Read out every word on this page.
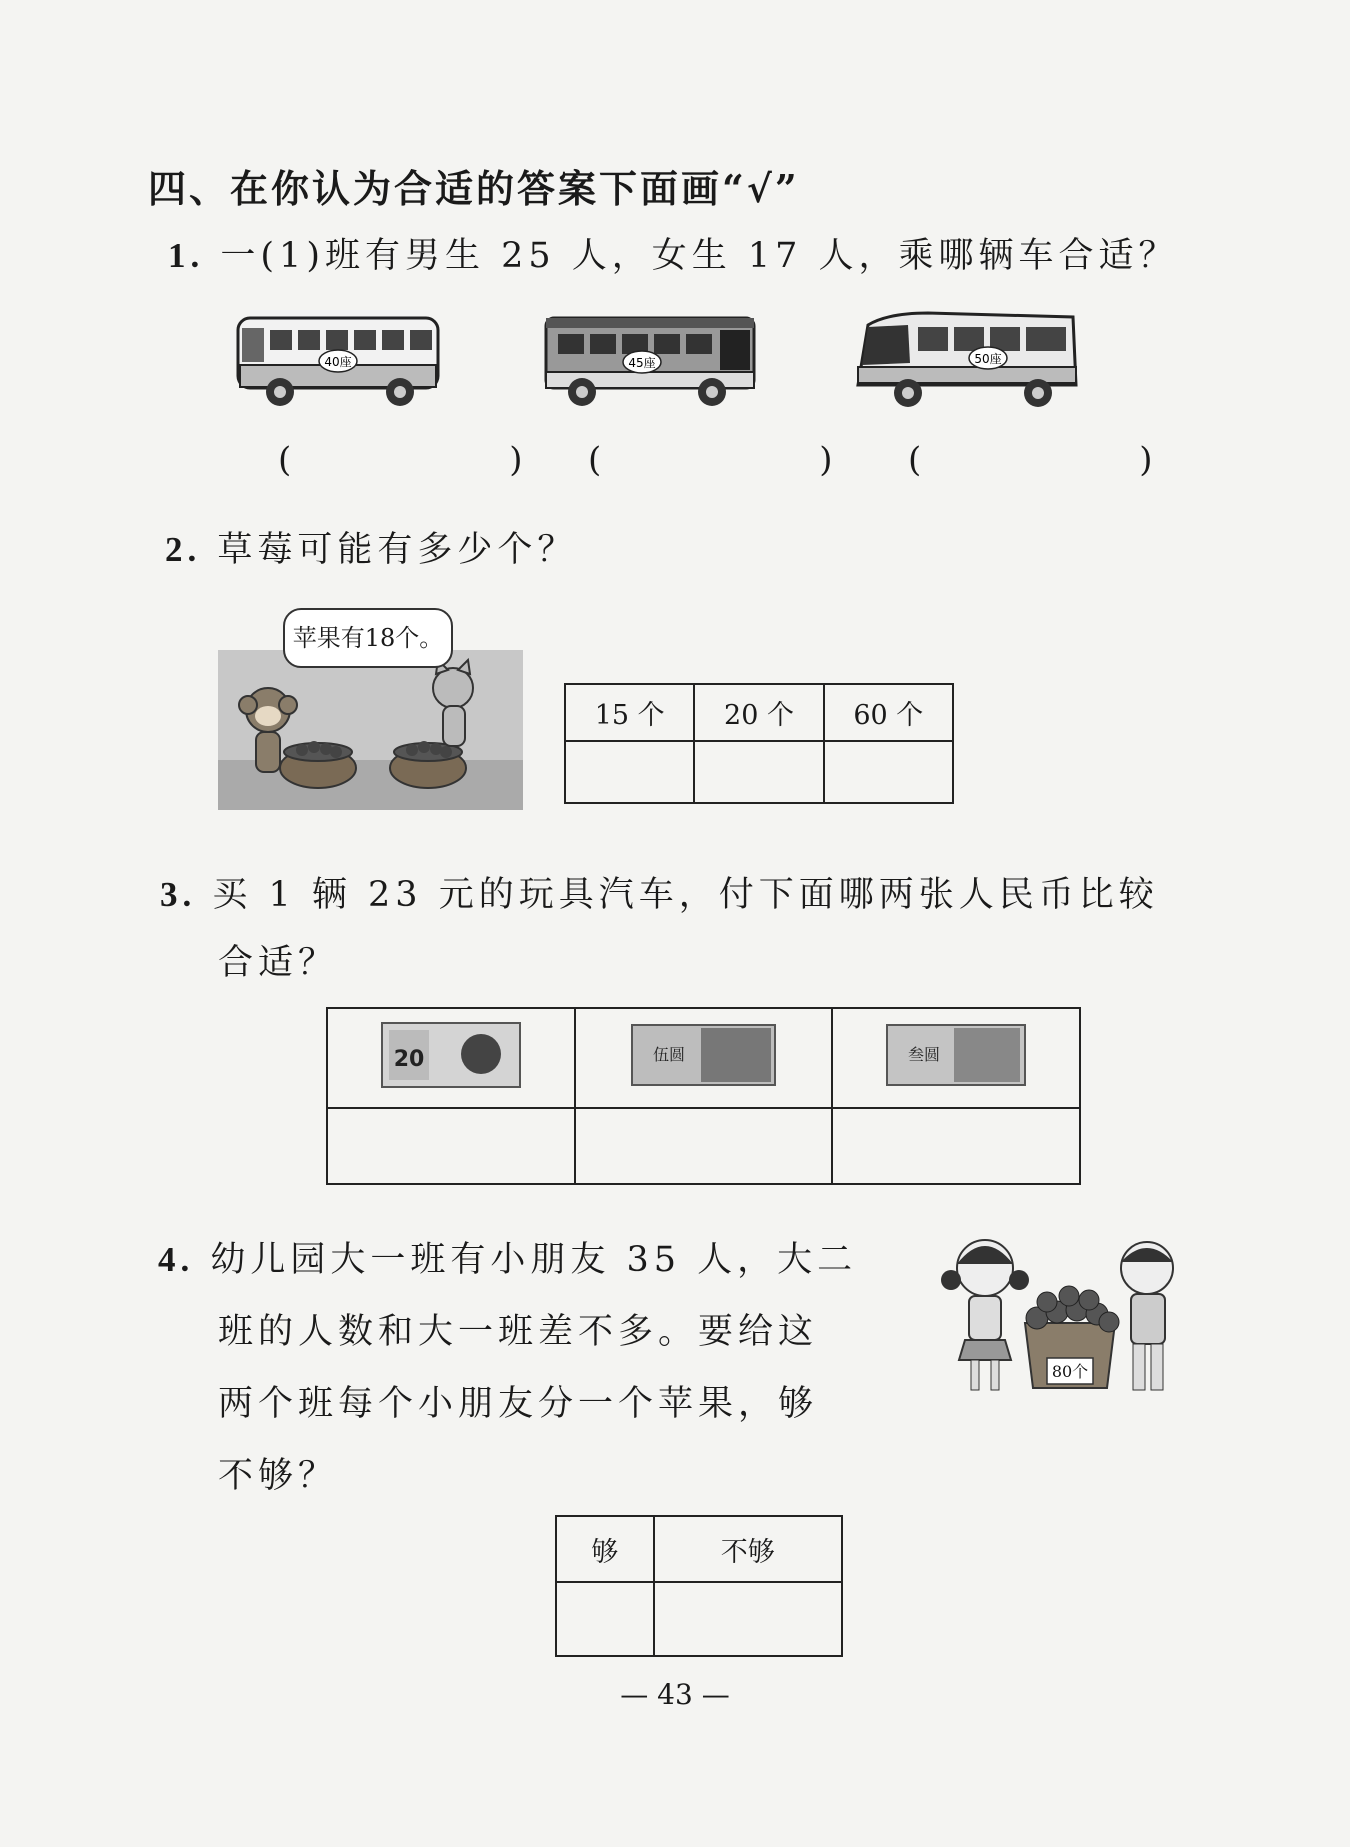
四、在你认为合适的答案下面画“√”
1. 一(1)班有男生 25 人，女生 17 人，乘哪辆车合适？
40座	45座	50座
(　　) (　　) (　　)
2. 草莓可能有多少个？
苹果有18个。
15 个	20 个	60 个

3. 买 1 辆 23 元的玩具汽车，付下面哪两张人民币比较
合适？
20	伍圆	叁圆

4. 幼儿园大一班有小朋友 35 人，大二
班的人数和大一班差不多。要给这
两个班每个小朋友分一个苹果，够
不够？
80个
够	不够

— 43 —
